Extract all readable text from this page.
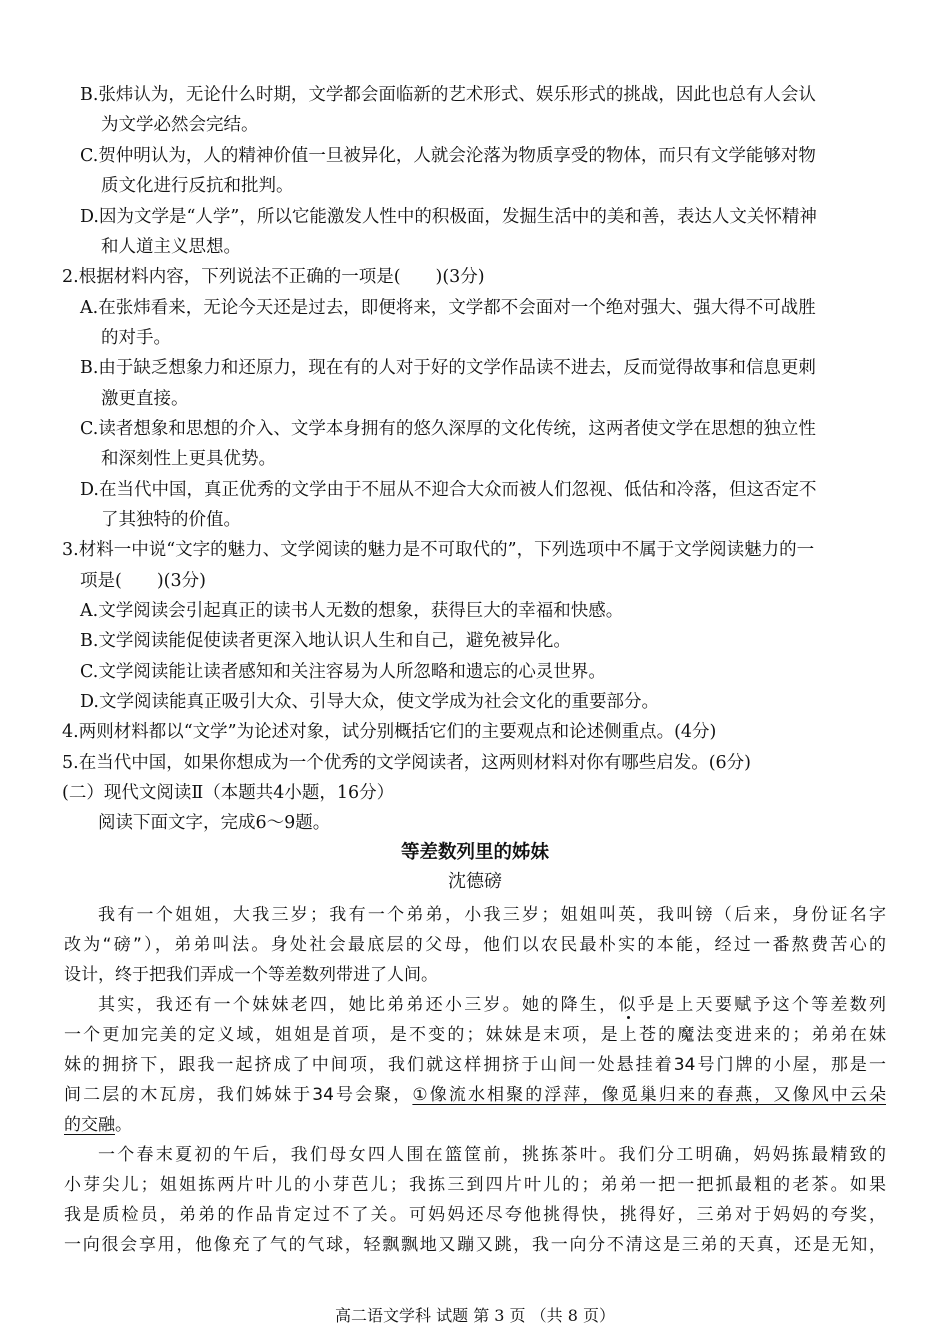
B.张炜认为，无论什么时期，文学都会面临新的艺术形式、娱乐形式的挑战，因此也总有人会认
为文学必然会完结。
C.贺仲明认为，人的精神价值一旦被异化，人就会沦落为物质享受的物体，而只有文学能够对物
质文化进行反抗和批判。
D.因为文学是“人学”，所以它能激发人性中的积极面，发掘生活中的美和善，表达人文关怀精神
和人道主义思想。
2.根据材料内容，下列说法不正确的一项是(　　)(3分)
A.在张炜看来，无论今天还是过去，即便将来，文学都不会面对一个绝对强大、强大得不可战胜
的对手。
B.由于缺乏想象力和还原力，现在有的人对于好的文学作品读不进去，反而觉得故事和信息更刺
激更直接。
C.读者想象和思想的介入、文学本身拥有的悠久深厚的文化传统，这两者使文学在思想的独立性
和深刻性上更具优势。
D.在当代中国，真正优秀的文学由于不屈从不迎合大众而被人们忽视、低估和冷落，但这否定不
了其独特的价值。
3.材料一中说“文字的魅力、文学阅读的魅力是不可取代的”，下列选项中不属于文学阅读魅力的一
项是(　　)(3分)
A.文学阅读会引起真正的读书人无数的想象，获得巨大的幸福和快感。
B.文学阅读能促使读者更深入地认识人生和自己，避免被异化。
C.文学阅读能让读者感知和关注容易为人所忽略和遗忘的心灵世界。
D.文学阅读能真正吸引大众、引导大众，使文学成为社会文化的重要部分。
4.两则材料都以“文学”为论述对象，试分别概括它们的主要观点和论述侧重点。(4分)
5.在当代中国，如果你想成为一个优秀的文学阅读者，这两则材料对你有哪些启发。(6分)
(二）现代文阅读Ⅱ（本题共4小题，16分）
阅读下面文字，完成6～9题。
等差数列里的姊妹
沈德磅
我有一个姐姐，大我三岁；我有一个弟弟，小我三岁；姐姐叫英，我叫镑（后来，身份证名字
改为“磅”），弟弟叫法。身处社会最底层的父母，他们以农民最朴实的本能，经过一番熬费苦心的
设计，终于把我们弄成一个等差数列带进了人间。
其实，我还有一个妹妹老四，她比弟弟还小三岁。她的降生，似乎是上天要赋予这个等差数列
一个更加完美的定义域，姐姐是首项，是不变的；妹妹是末项，是上苍的魔法变进来的；弟弟在妹
妹的拥挤下，跟我一起挤成了中间项，我们就这样拥挤于山间一处悬挂着34号门牌的小屋，那是一
间二层的木瓦房，我们姊妹于34号会聚，①像流水相聚的浮萍，像觅巢归来的春燕，又像风中云朵
的交融。
一个春末夏初的午后，我们母女四人围在篮筐前，挑拣茶叶。我们分工明确，妈妈拣最精致的
小芽尖儿；姐姐拣两片叶儿的小芽芭儿；我拣三到四片叶儿的；弟弟一把一把抓最粗的老茶。如果
我是质检员，弟弟的作品肯定过不了关。可妈妈还尽夸他挑得快，挑得好，三弟对于妈妈的夸奖，
一向很会享用，他像充了气的气球，轻飘飘地又蹦又跳，我一向分不清这是三弟的天真，还是无知，
高二语文学科 试题 第 3 页 （共 8 页）
